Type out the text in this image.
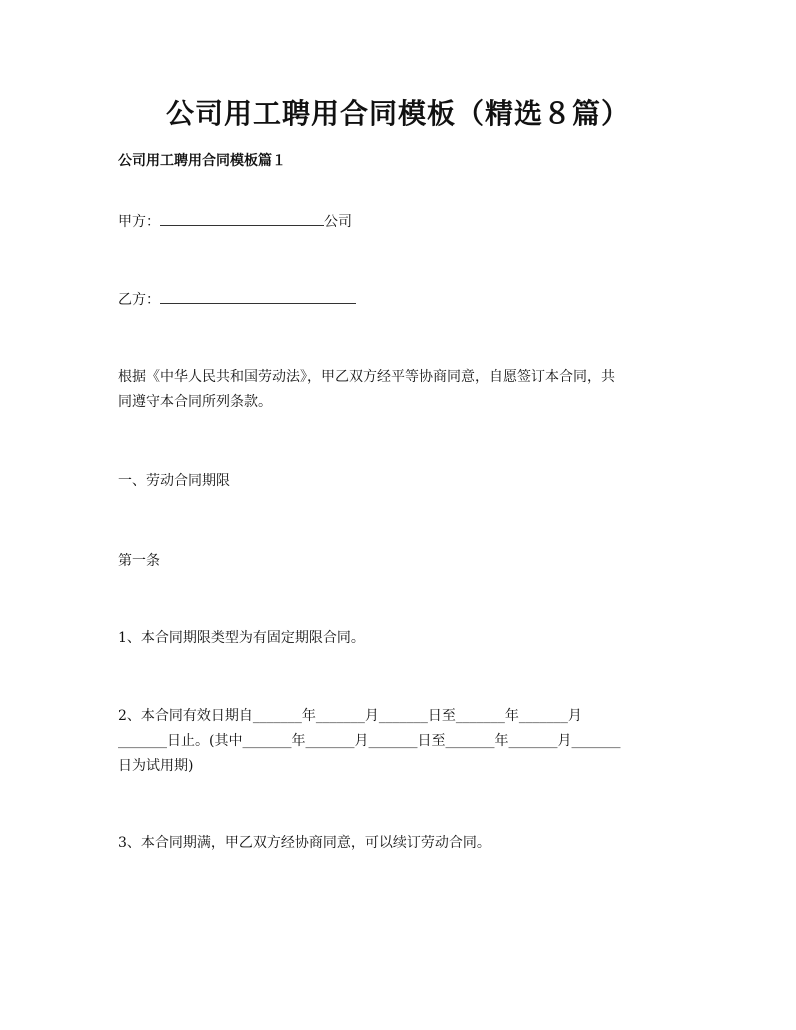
公司用工聘用合同模板（精选８篇）
公司用工聘用合同模板篇１
甲方：	公司
乙方：
根据《中华人民共和国劳动法》，甲乙双方经平等协商同意，自愿签订本合同，共
同遵守本合同所列条款。
一、劳动合同期限
第一条
1、本合同期限类型为有固定期限合同。
2、本合同有效日期自_______年_______月_______日至_______年_______月
_______日止。(其中_______年_______月_______日至_______年_______月_______
日为试用期)
3、本合同期满，甲乙双方经协商同意，可以续订劳动合同。
